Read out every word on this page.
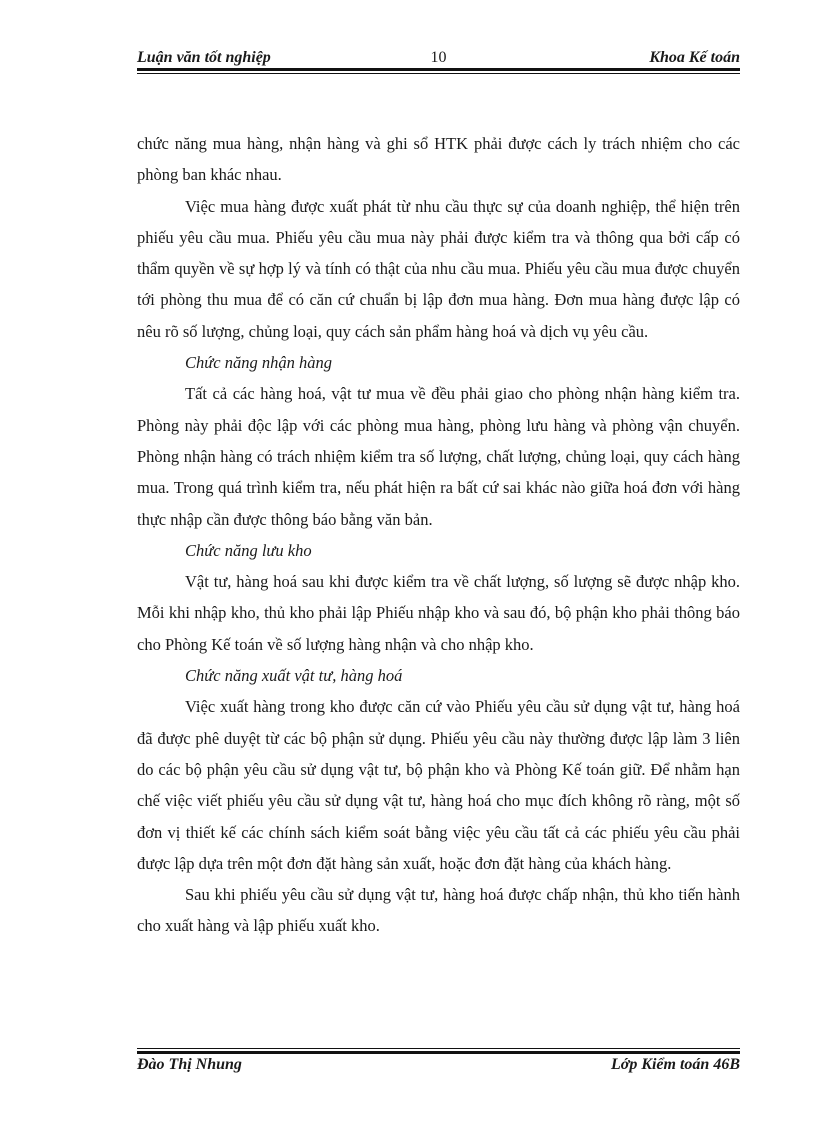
Luận văn tốt nghiệp	10	Khoa Kế toán

chức năng mua hàng, nhận hàng và ghi sổ HTK phải được cách ly trách nhiệm cho các phòng ban khác nhau.

Việc mua hàng được xuất phát từ nhu cầu thực sự của doanh nghiệp, thể hiện trên phiếu yêu cầu mua. Phiếu yêu cầu mua này phải được kiểm tra và thông qua bởi cấp có thẩm quyền về sự hợp lý và tính có thật của nhu cầu mua. Phiếu yêu cầu mua được chuyển tới phòng thu mua để có căn cứ chuẩn bị lập đơn mua hàng. Đơn mua hàng được lập có nêu rõ số lượng, chủng loại, quy cách sản phẩm hàng hoá và dịch vụ yêu cầu.

Chức năng nhận hàng

Tất cả các hàng hoá, vật tư mua về đều phải giao cho phòng nhận hàng kiểm tra. Phòng này phải độc lập với các phòng mua hàng, phòng lưu hàng và phòng vận chuyển. Phòng nhận hàng có trách nhiệm kiểm tra số lượng, chất lượng, chủng loại, quy cách hàng mua. Trong quá trình kiểm tra, nếu phát hiện ra bất cứ sai khác nào giữa hoá đơn với hàng thực nhập cần được thông báo bằng văn bản.

Chức năng lưu kho

Vật tư, hàng hoá sau khi được kiểm tra về chất lượng, số lượng sẽ được nhập kho. Mỗi khi nhập kho, thủ kho phải lập Phiếu nhập kho và sau đó, bộ phận kho phải thông báo cho Phòng Kế toán về số lượng hàng nhận và cho nhập kho.

Chức năng xuất vật tư, hàng hoá

Việc xuất hàng trong kho được căn cứ vào Phiếu yêu cầu sử dụng vật tư, hàng hoá đã được phê duyệt từ các bộ phận sử dụng. Phiếu yêu cầu này thường được lập làm 3 liên do các bộ phận yêu cầu sử dụng vật tư, bộ phận kho và Phòng Kế toán giữ. Để nhằm hạn chế việc viết phiếu yêu cầu sử dụng vật tư, hàng hoá cho mục đích không rõ ràng, một số đơn vị thiết kế các chính sách kiểm soát bằng việc yêu cầu tất cả các phiếu yêu cầu phải được lập dựa trên một đơn đặt hàng sản xuất, hoặc đơn đặt hàng của khách hàng.

Sau khi phiếu yêu cầu sử dụng vật tư, hàng hoá được chấp nhận, thủ kho tiến hành cho xuất hàng và lập phiếu xuất kho.

Đào Thị Nhung	Lớp Kiểm toán 46B
